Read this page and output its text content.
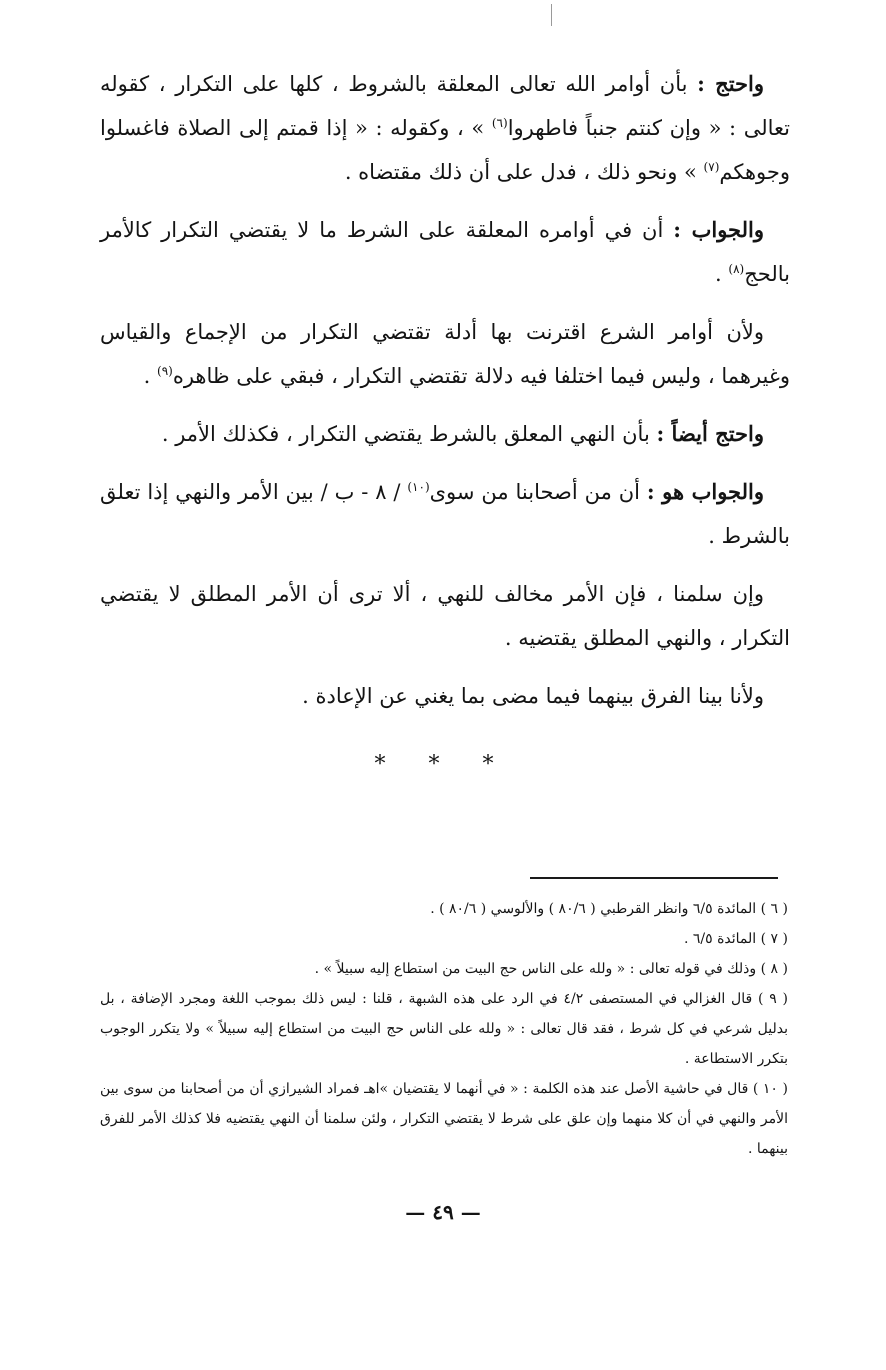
واحتج : بأن أوامر الله تعالى المعلقة بالشروط ، كلها على التكرار ، كقوله تعالى : « وإن كنتم جنباً فاطهروا$^{(٦)}$ » ، وكقوله : « إذا قمتم إلى الصلاة فاغسلوا وجوهكم$^{(٧)}$ » ونحو ذلك ، فدل على أن ذلك مقتضاه .

والجواب : أن في أوامره المعلقة على الشرط ما لا يقتضي التكرار كالأمر بالحج$^{(٨)}$ .

ولأن أوامر الشرع اقترنت بها أدلة تقتضي التكرار من الإجماع والقياس وغيرهما ، وليس فيما اختلفا فيه دلالة تقتضي التكرار ، فبقي على ظاهره$^{(٩)}$ .

واحتج أيضاً : بأن النهي المعلق بالشرط يقتضي التكرار ، فكذلك الأمر .

والجواب هو : أن من أصحابنا من سوى$^{(١٠)}$ / ٨ - ب / بين الأمر والنهي إذا تعلق بالشرط .

وإن سلمنا ، فإن الأمر مخالف للنهي ، ألا ترى أن الأمر المطلق لا يقتضي التكرار ، والنهي المطلق يقتضيه .

ولأنا بينا الفرق بينهما فيما مضى بما يغني عن الإعادة .

* * *

( ٦ ) المائدة ٦/٥ وانظر القرطبي ( ٨٠/٦ ) والألوسي ( ٨٠/٦ ) .

( ٧ ) المائدة ٦/٥ .

( ٨ ) وذلك في قوله تعالى : « ولله على الناس حج البيت من استطاع إليه سبيلاً » .

( ٩ ) قال الغزالي في المستصفى ٤/٢ في الرد على هذه الشبهة ، قلنا : ليس ذلك بموجب اللغة ومجرد الإضافة ، بل بدليل شرعي في كل شرط ، فقد قال تعالى : « ولله على الناس حج البيت من استطاع إليه سبيلاً » ولا يتكرر الوجوب بتكرر الاستطاعة .

( ١٠ ) قال في حاشية الأصل عند هذه الكلمة : « في أنهما لا يقتضيان »اهـ فمراد الشيرازي أن من أصحابنا من سوى بين الأمر والنهي في أن كلا منهما وإن علق على شرط لا يقتضي التكرار ، ولئن سلمنا أن النهي يقتضيه فلا كذلك الأمر للفرق بينهما .

— ٤٩ —
